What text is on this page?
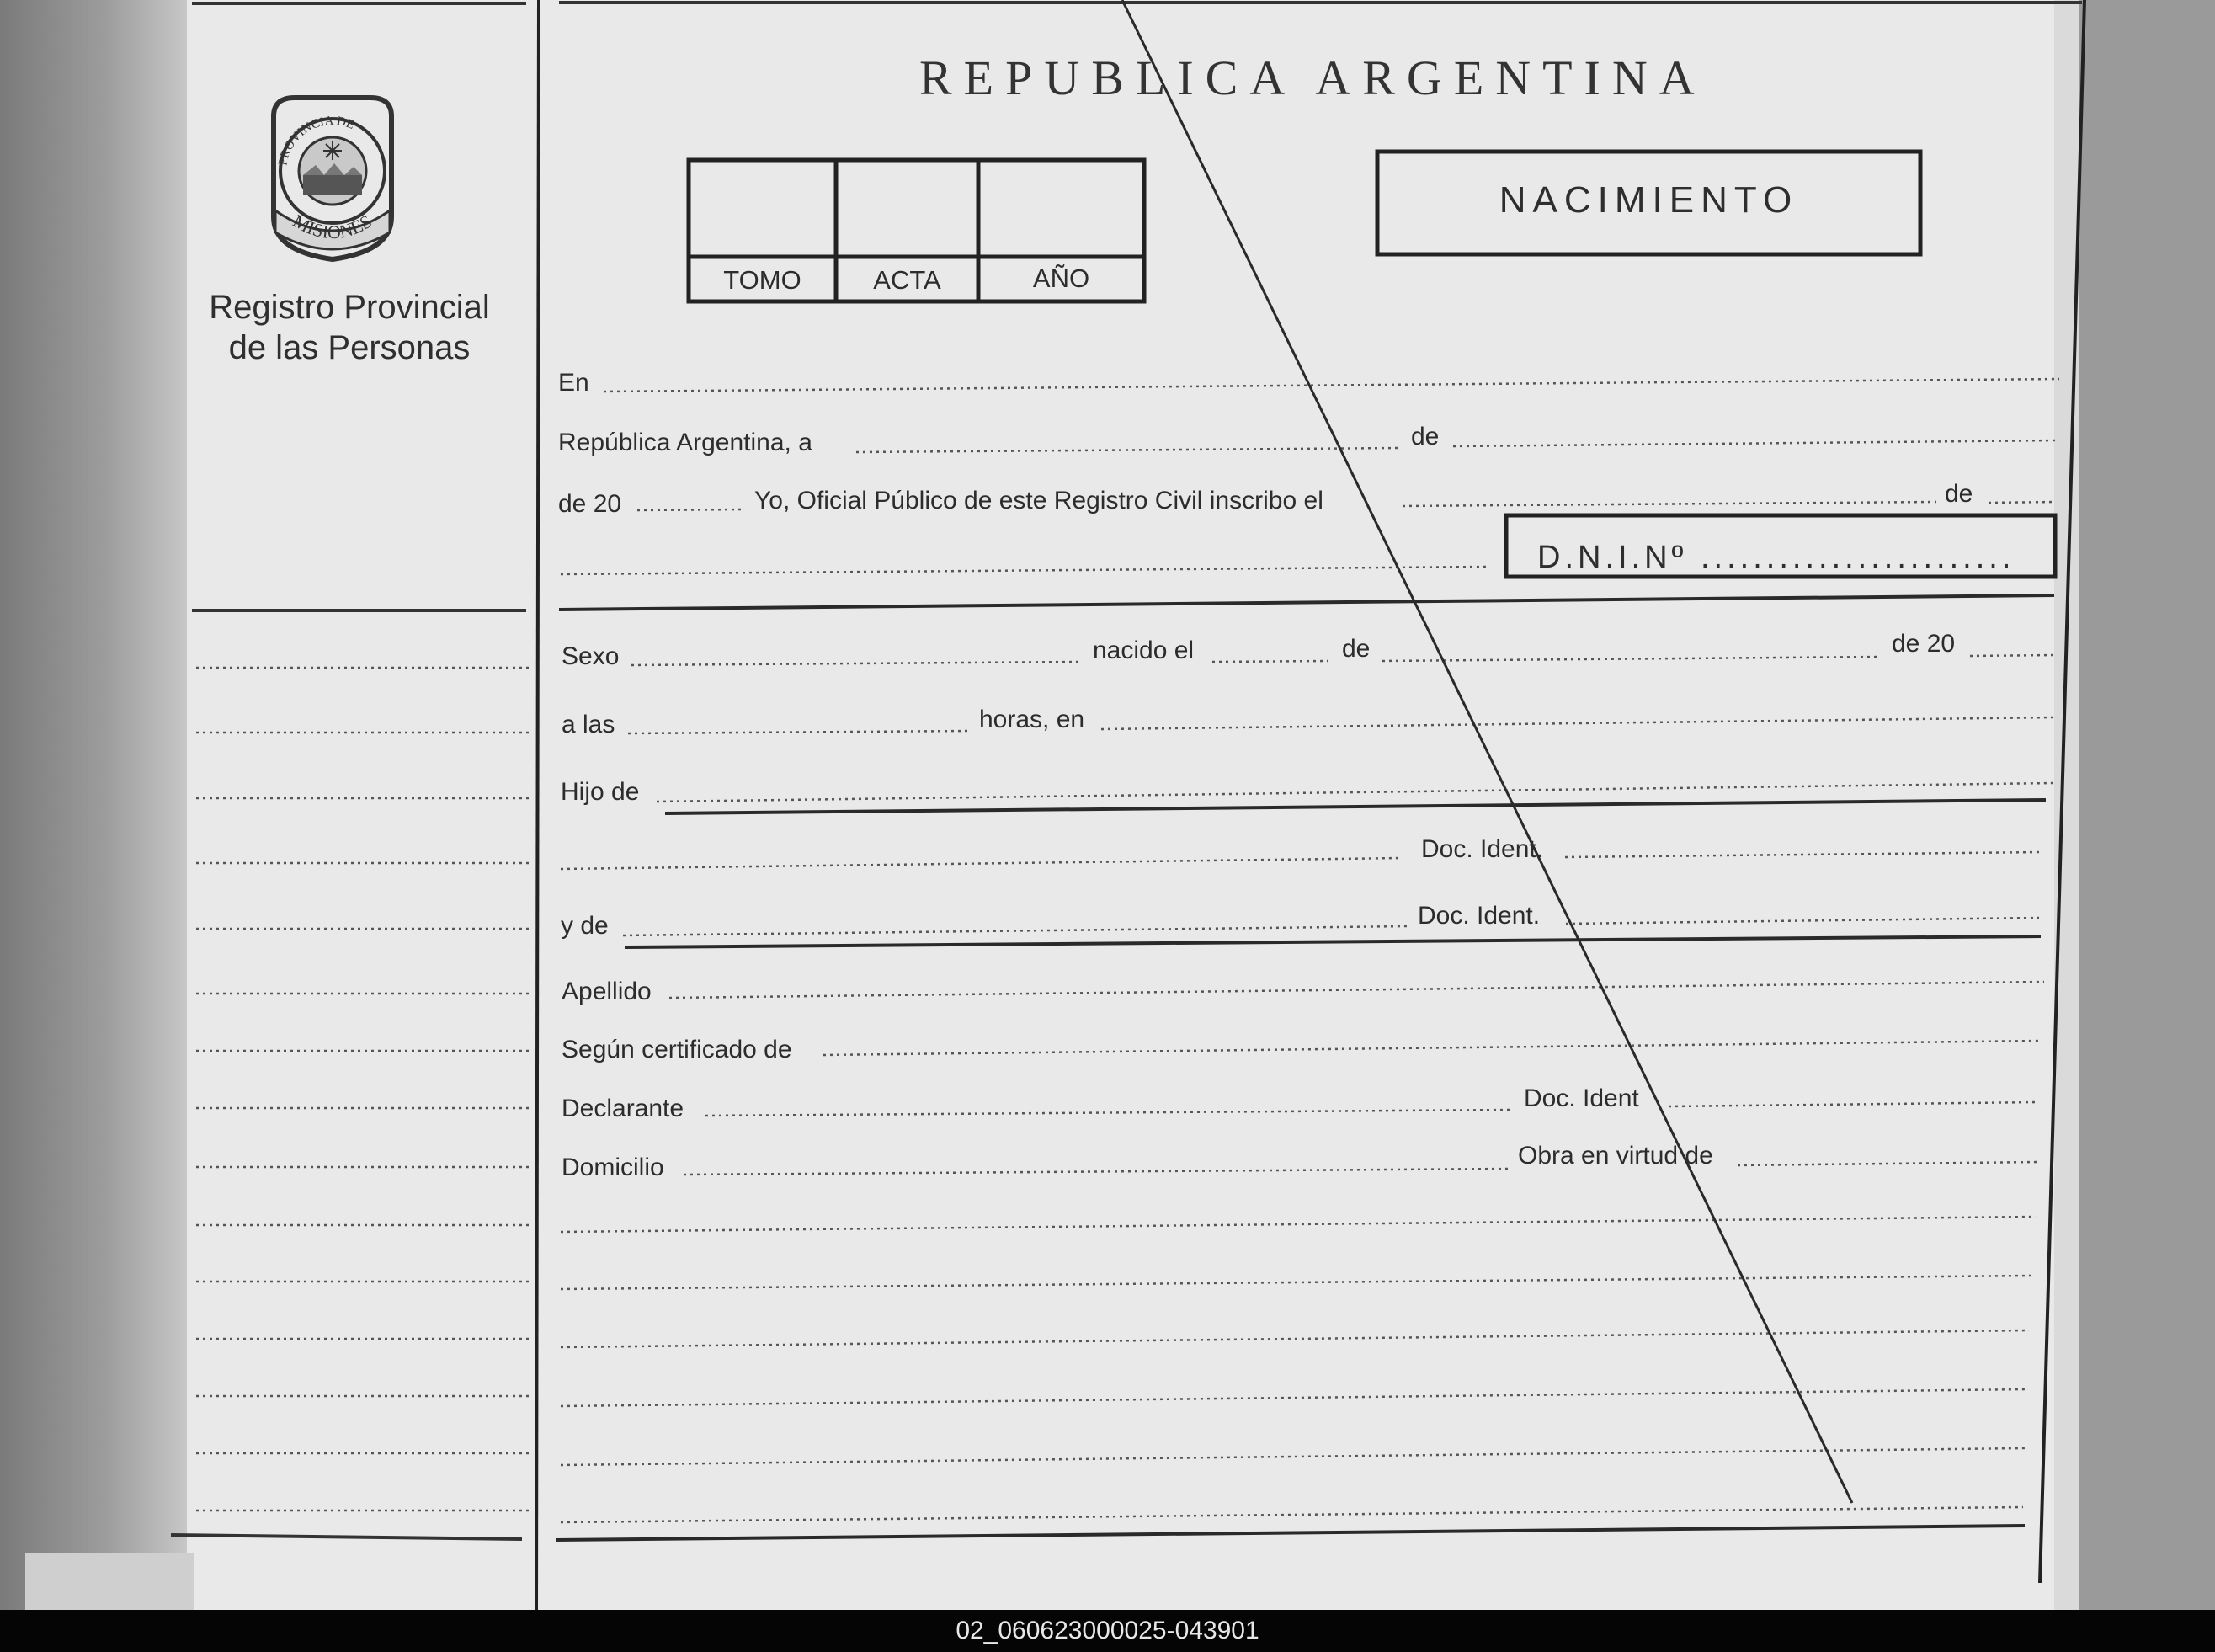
PROVINCIA DE
MISIONES
Registro Provincial
de las Personas
REPUBLICA ARGENTINA
NACIMIENTO
TOMO	ACTA	AÑO
En
República Argentina, a	de
de 20	Yo, Oficial Público de este Registro Civil inscribo el	de
D.N.I.Nº ........................
Sexo	nacido el	de	de 20
a las	horas, en
Hijo de
Doc. Ident.
y de	Doc. Ident.
Apellido
Según certificado de
Declarante	Doc. Ident
Domicilio	Obra en virtud de
02_060623000025-043901
